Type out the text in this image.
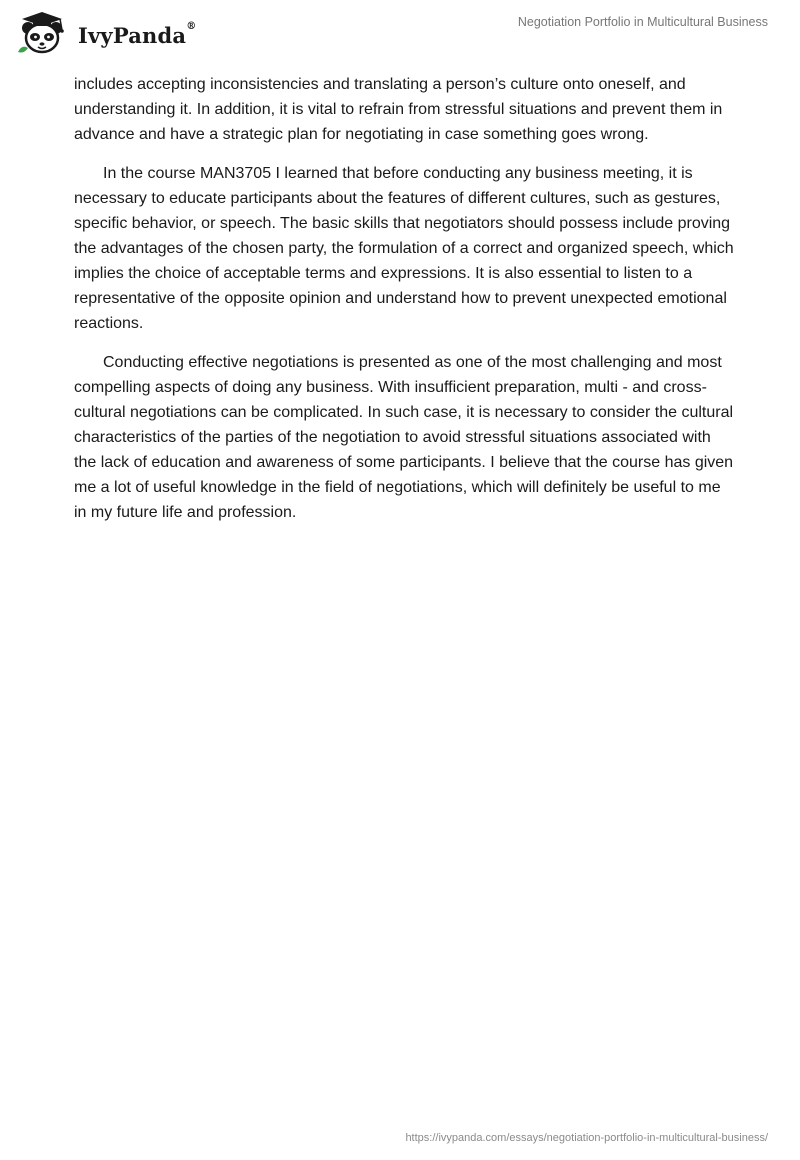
IvyPanda®	Negotiation Portfolio in Multicultural Business

includes accepting inconsistencies and translating a person’s culture onto oneself, and understanding it. In addition, it is vital to refrain from stressful situations and prevent them in advance and have a strategic plan for negotiating in case something goes wrong.

In the course MAN3705 I learned that before conducting any business meeting, it is necessary to educate participants about the features of different cultures, such as gestures, specific behavior, or speech. The basic skills that negotiators should possess include proving the advantages of the chosen party, the formulation of a correct and organized speech, which implies the choice of acceptable terms and expressions. It is also essential to listen to a representative of the opposite opinion and understand how to prevent unexpected emotional reactions.

Conducting effective negotiations is presented as one of the most challenging and most compelling aspects of doing any business. With insufficient preparation, multi - and cross-cultural negotiations can be complicated. In such case, it is necessary to consider the cultural characteristics of the parties of the negotiation to avoid stressful situations associated with the lack of education and awareness of some participants. I believe that the course has given me a lot of useful knowledge in the field of negotiations, which will definitely be useful to me in my future life and profession.

https://ivypanda.com/essays/negotiation-portfolio-in-multicultural-business/
